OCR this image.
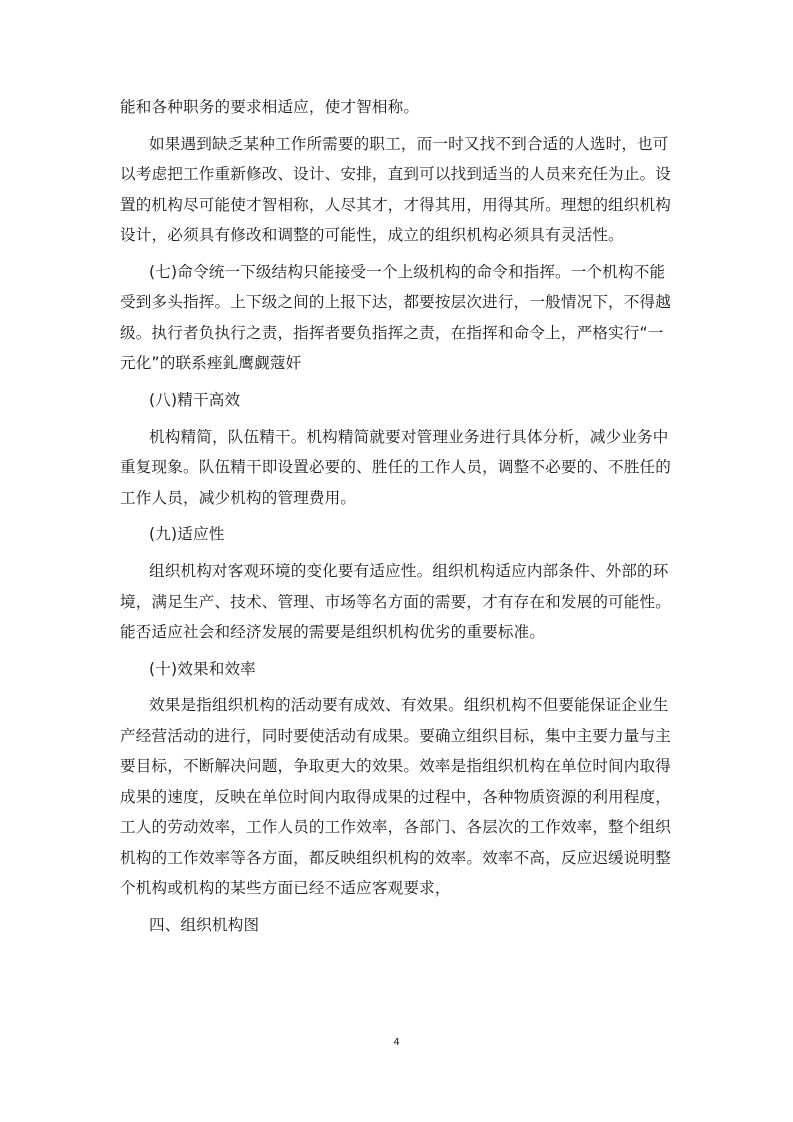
能和各种职务的要求相适应，使才智相称。
如果遇到缺乏某种工作所需要的职工，而一时又找不到合适的人选时，也可
以考虑把工作重新修改、设计、安排，直到可以找到适当的人员来充任为止。设
置的机构尽可能使才智相称，人尽其才，才得其用，用得其所。理想的组织机构
设计，必须具有修改和调整的可能性，成立的组织机构必须具有灵活性。
(七)命令统一下级结构只能接受一个上级机构的命令和指挥。一个机构不能
受到多头指挥。上下级之间的上报下达，都要按层次进行，一般情况下，不得越
级。执行者负执行之责，指挥者要负指挥之责，在指挥和命令上，严格实行“一
元化”的联系痤釓鹰觑蔻奸
(八)精干高效
机构精简，队伍精干。机构精简就要对管理业务进行具体分析，减少业务中
重复现象。队伍精干即设置必要的、胜任的工作人员，调整不必要的、不胜任的
工作人员，减少机构的管理费用。
(九)适应性
组织机构对客观环境的变化要有适应性。组织机构适应内部条件、外部的环
境，满足生产、技术、管理、市场等名方面的需要，才有存在和发展的可能性。
能否适应社会和经济发展的需要是组织机构优劣的重要标准。
(十)效果和效率
效果是指组织机构的活动要有成效、有效果。组织机构不但要能保证企业生
产经营活动的进行，同时要使活动有成果。要确立组织目标，集中主要力量与主
要目标，不断解决问题，争取更大的效果。效率是指组织机构在单位时间内取得
成果的速度，反映在单位时间内取得成果的过程中，各种物质资源的利用程度，
工人的劳动效率，工作人员的工作效率，各部门、各层次的工作效率，整个组织
机构的工作效率等各方面，都反映组织机构的效率。效率不高，反应迟缓说明整
个机构或机构的某些方面已经不适应客观要求，
四、组织机构图
4
